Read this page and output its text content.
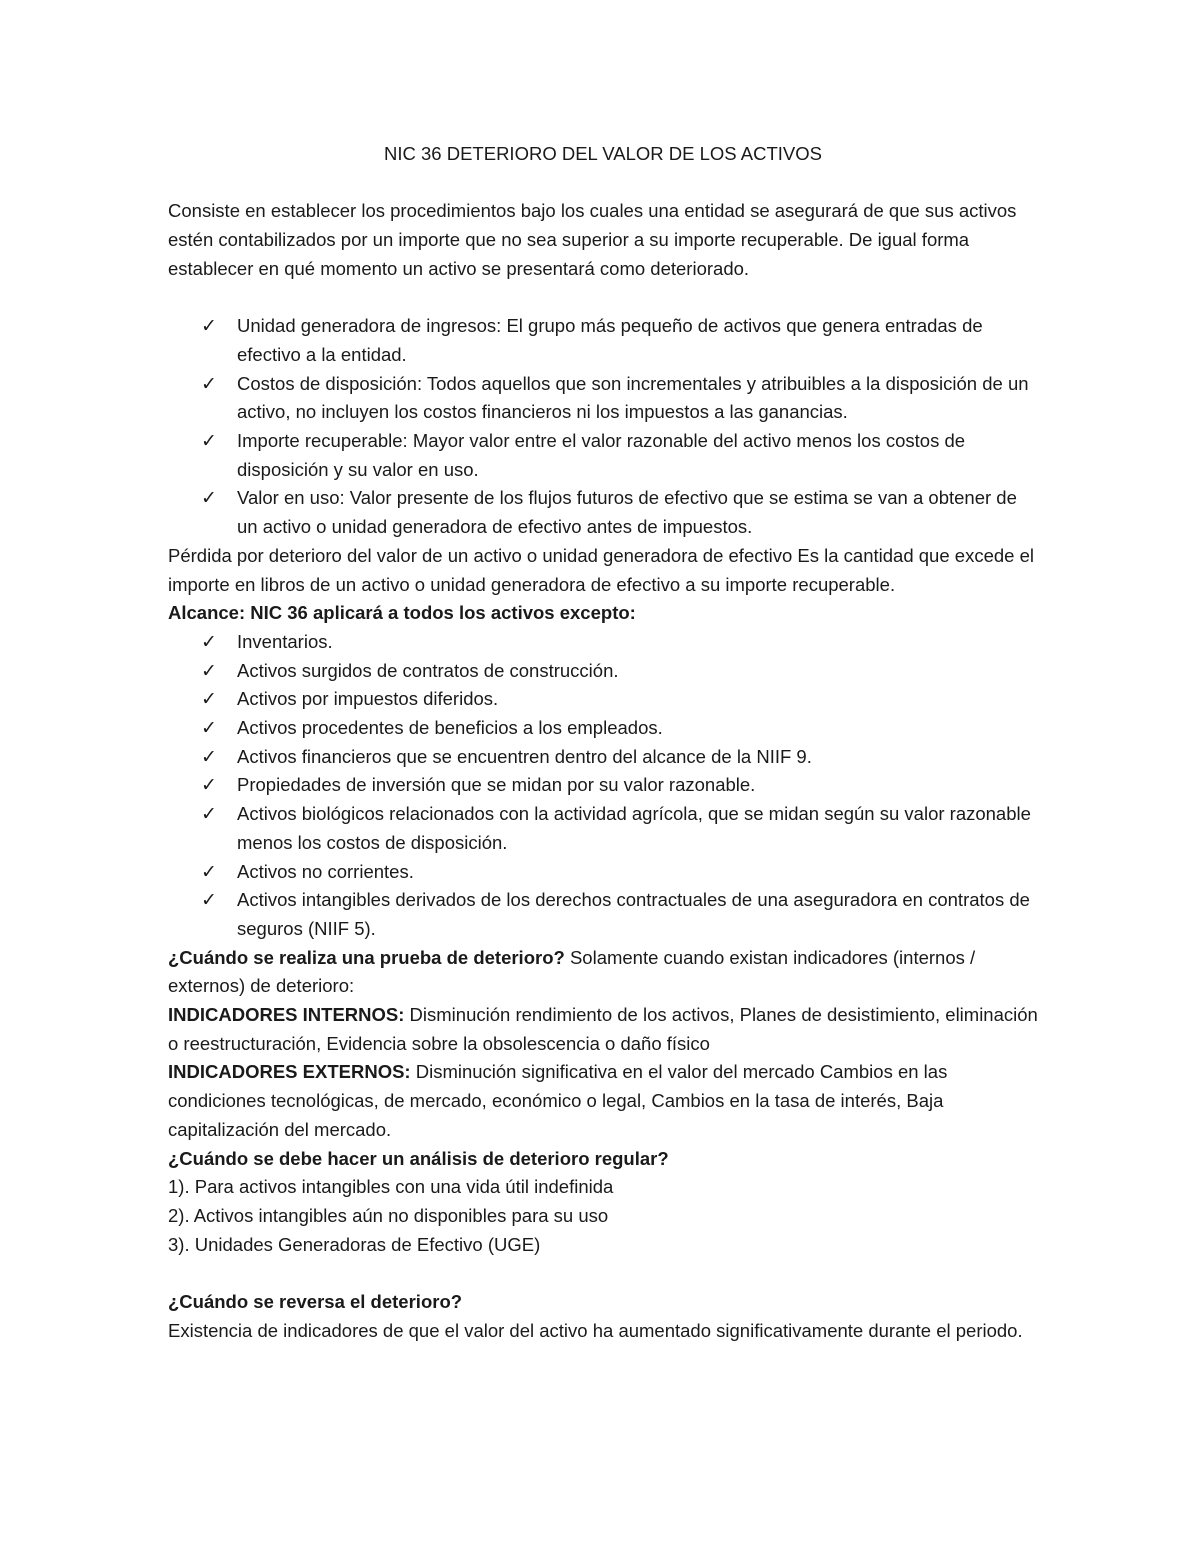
NIC 36 DETERIORO DEL VALOR DE LOS ACTIVOS

Consiste en establecer los procedimientos bajo los cuales una entidad se asegurará de que sus activos estén contabilizados por un importe que no sea superior a su importe recuperable. De igual forma establecer en qué momento un activo se presentará como deteriorado.

✓ Unidad generadora de ingresos: El grupo más pequeño de activos que genera entradas de efectivo a la entidad.
✓ Costos de disposición: Todos aquellos que son incrementales y atribuibles a la disposición de un activo, no incluyen los costos financieros ni los impuestos a las ganancias.
✓ Importe recuperable: Mayor valor entre el valor razonable del activo menos los costos de disposición y su valor en uso.
✓ Valor en uso: Valor presente de los flujos futuros de efectivo que se estima se van a obtener de un activo o unidad generadora de efectivo antes de impuestos.

Pérdida por deterioro del valor de un activo o unidad generadora de efectivo Es la cantidad que excede el importe en libros de un activo o unidad generadora de efectivo a su importe recuperable.

Alcance: NIC 36 aplicará a todos los activos excepto:

✓ Inventarios.
✓ Activos surgidos de contratos de construcción.
✓ Activos por impuestos diferidos.
✓ Activos procedentes de beneficios a los empleados.
✓ Activos financieros que se encuentren dentro del alcance de la NIIF 9.
✓ Propiedades de inversión que se midan por su valor razonable.
✓ Activos biológicos relacionados con la actividad agrícola, que se midan según su valor razonable menos los costos de disposición.
✓ Activos no corrientes.
✓ Activos intangibles derivados de los derechos contractuales de una aseguradora en contratos de seguros (NIIF 5).

¿Cuándo se realiza una prueba de deterioro? Solamente cuando existan indicadores (internos / externos) de deterioro:

INDICADORES INTERNOS: Disminución rendimiento de los activos, Planes de desistimiento, eliminación o reestructuración, Evidencia sobre la obsolescencia o daño físico

INDICADORES EXTERNOS: Disminución significativa en el valor del mercado Cambios en las condiciones tecnológicas, de mercado, económico o legal, Cambios en la tasa de interés, Baja capitalización del mercado.

¿Cuándo se debe hacer un análisis de deterioro regular?

1). Para activos intangibles con una vida útil indefinida

2). Activos intangibles aún no disponibles para su uso

3). Unidades Generadoras de Efectivo (UGE)

¿Cuándo se reversa el deterioro?

Existencia de indicadores de que el valor del activo ha aumentado significativamente durante el periodo.
